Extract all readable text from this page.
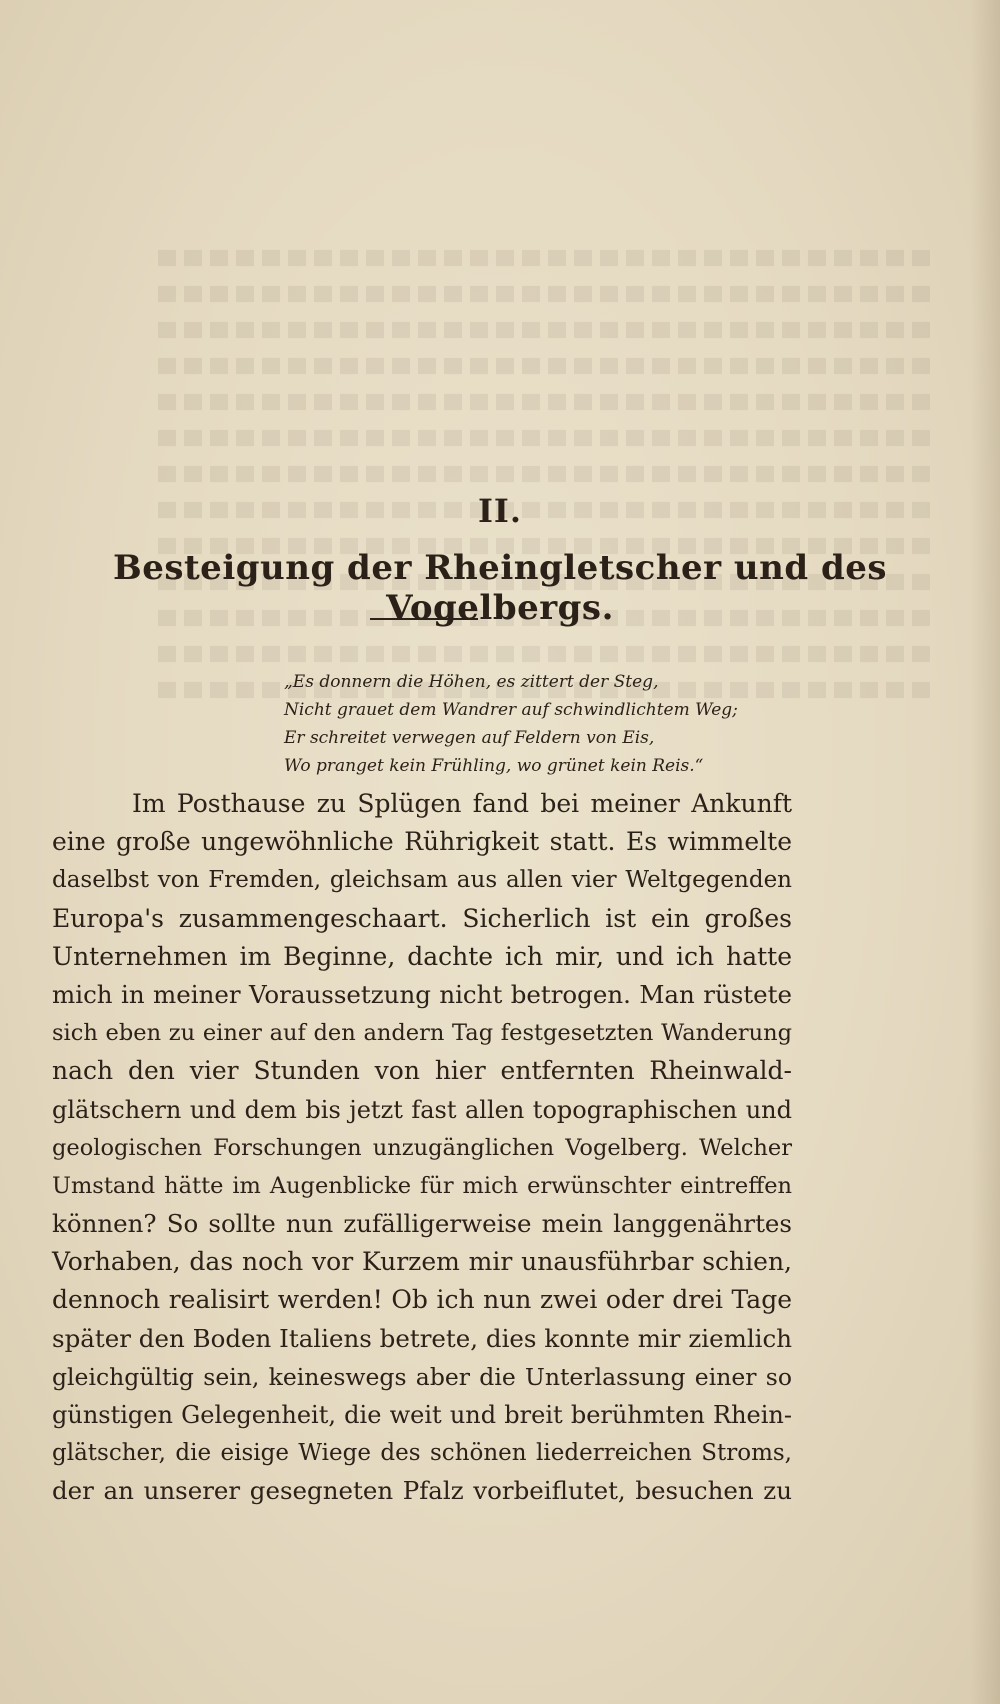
II.
Besteigung der Rheingletscher und des Vogelbergs.
„Es donnern die Höhen, es zittert der Steg,
Nicht grauet dem Wandrer auf schwindlichtem Weg;
Er schreitet verwegen auf Feldern von Eis,
Wo pranget kein Frühling, wo grünet kein Reis.“
Im Posthause zu Splügen fand bei meiner Ankunft
eine große ungewöhnliche Rührigkeit statt. Es wimmelte
daselbst von Fremden, gleichsam aus allen vier Weltgegenden
Europa's zusammengeschaart. Sicherlich ist ein großes
Unternehmen im Beginne, dachte ich mir, und ich hatte
mich in meiner Voraussetzung nicht betrogen. Man rüstete
sich eben zu einer auf den andern Tag festgesetzten Wanderung
nach den vier Stunden von hier entfernten Rheinwald-
glätschern und dem bis jetzt fast allen topographischen und
geologischen Forschungen unzugänglichen Vogelberg. Welcher
Umstand hätte im Augenblicke für mich erwünschter eintreffen
können? So sollte nun zufälligerweise mein langgenährtes
Vorhaben, das noch vor Kurzem mir unausführbar schien,
dennoch realisirt werden! Ob ich nun zwei oder drei Tage
später den Boden Italiens betrete, dies konnte mir ziemlich
gleichgültig sein, keineswegs aber die Unterlassung einer so
günstigen Gelegenheit, die weit und breit berühmten Rhein-
glätscher, die eisige Wiege des schönen liederreichen Stroms,
der an unserer gesegneten Pfalz vorbeiflutet, besuchen zu
